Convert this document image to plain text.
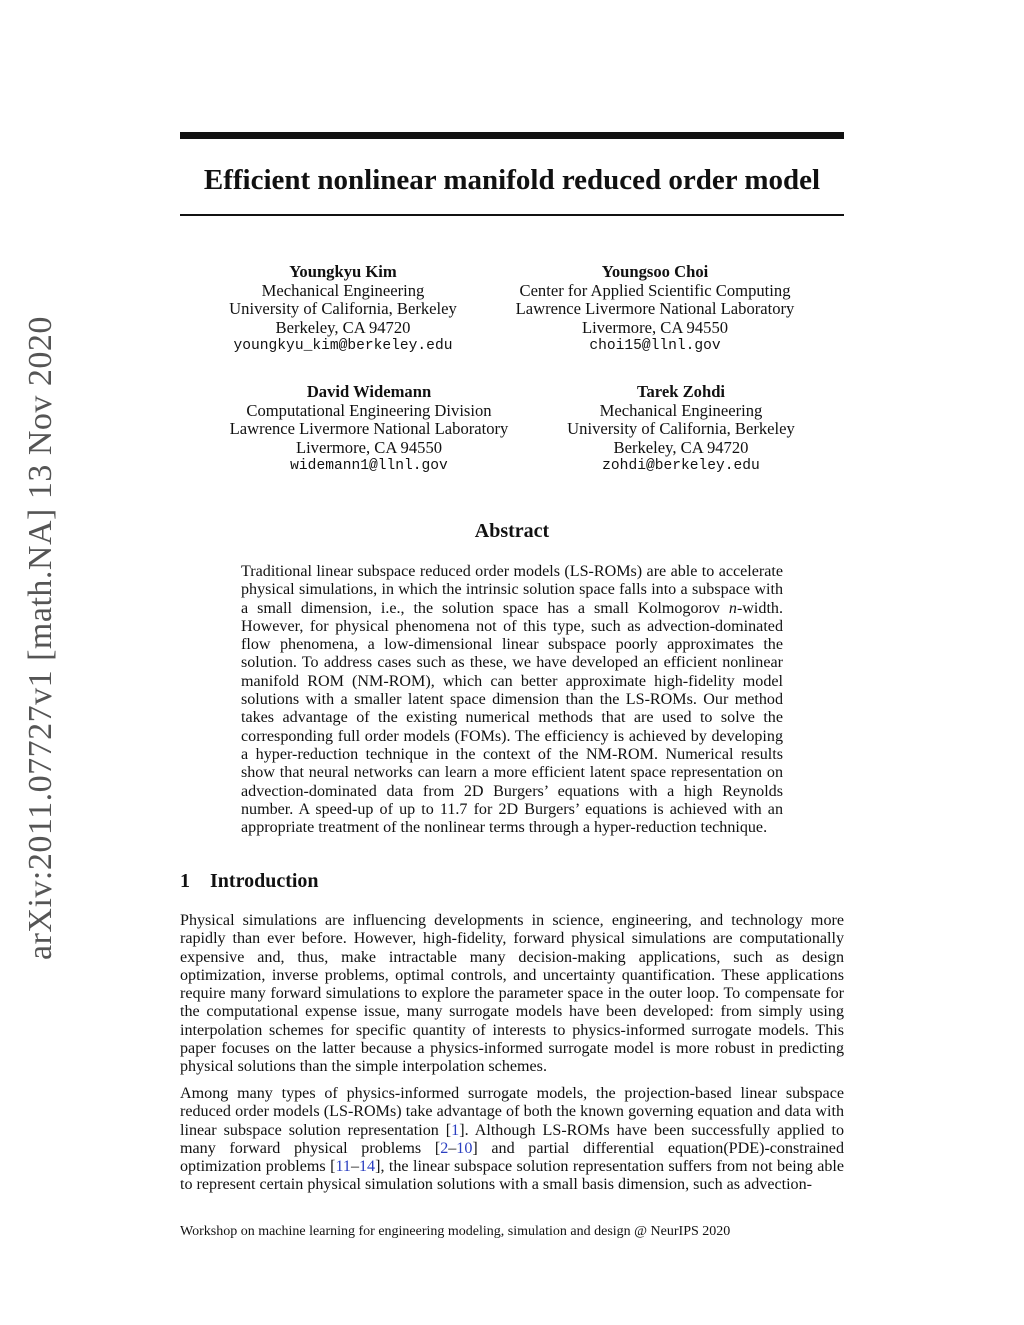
arXiv:2011.07727v1 [math.NA] 13 Nov 2020
Efficient nonlinear manifold reduced order model
Youngkyu Kim
Mechanical Engineering
University of California, Berkeley
Berkeley, CA 94720
youngkyu_kim@berkeley.edu
Youngsoo Choi
Center for Applied Scientific Computing
Lawrence Livermore National Laboratory
Livermore, CA 94550
choi15@llnl.gov
David Widemann
Computational Engineering Division
Lawrence Livermore National Laboratory
Livermore, CA 94550
widemann1@llnl.gov
Tarek Zohdi
Mechanical Engineering
University of California, Berkeley
Berkeley, CA 94720
zohdi@berkeley.edu
Abstract

Traditional linear subspace reduced order models (LS-ROMs) are able to accelerate physical simulations, in which the intrinsic solution space falls into a subspace with a small dimension, i.e., the solution space has a small Kolmogorov n-width. However, for physical phenomena not of this type, such as advection-dominated flow phenomena, a low-dimensional linear subspace poorly approximates the solution. To address cases such as these, we have developed an efficient nonlinear manifold ROM (NM-ROM), which can better approximate high-fidelity model solutions with a smaller latent space dimension than the LS-ROMs. Our method takes advantage of the existing numerical methods that are used to solve the corresponding full order models (FOMs). The efficiency is achieved by developing a hyper-reduction technique in the context of the NM-ROM. Numerical results show that neural networks can learn a more efficient latent space representation on advection-dominated data from 2D Burgers’ equations with a high Reynolds number. A speed-up of up to 11.7 for 2D Burgers’ equations is achieved with an appropriate treatment of the nonlinear terms through a hyper-reduction technique.

1 Introduction

Physical simulations are influencing developments in science, engineering, and technology more rapidly than ever before. However, high-fidelity, forward physical simulations are computationally expensive and, thus, make intractable many decision-making applications, such as design optimization, inverse problems, optimal controls, and uncertainty quantification. These applications require many forward simulations to explore the parameter space in the outer loop. To compensate for the computational expense issue, many surrogate models have been developed: from simply using interpolation schemes for specific quantity of interests to physics-informed surrogate models. This paper focuses on the latter because a physics-informed surrogate model is more robust in predicting physical solutions than the simple interpolation schemes.

Among many types of physics-informed surrogate models, the projection-based linear subspace reduced order models (LS-ROMs) take advantage of both the known governing equation and data with linear subspace solution representation [1]. Although LS-ROMs have been successfully applied to many forward physical problems [2–10] and partial differential equation(PDE)-constrained optimization problems [11–14], the linear subspace solution representation suffers from not being able to represent certain physical simulation solutions with a small basis dimension, such as advection-

Workshop on machine learning for engineering modeling, simulation and design @ NeurIPS 2020
